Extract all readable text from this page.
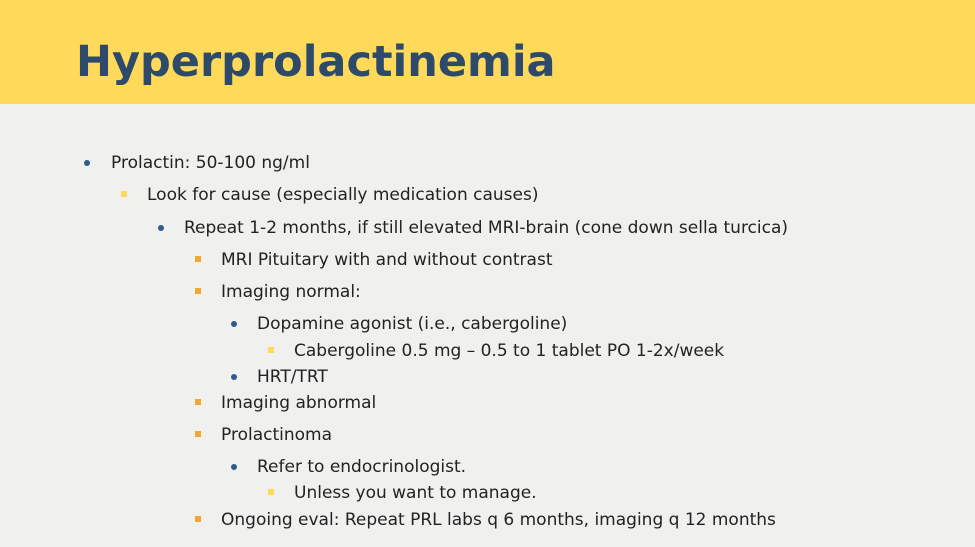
Hyperprolactinemia
Prolactin: 50-100 ng/ml
Look for cause (especially medication causes)
Repeat 1-2 months, if still elevated MRI-brain (cone down sella turcica)
MRI Pituitary with and without contrast
Imaging normal:
Dopamine agonist (i.e., cabergoline)
Cabergoline 0.5 mg – 0.5 to 1 tablet PO 1-2x/week
HRT/TRT
Imaging abnormal
Prolactinoma
Refer to endocrinologist.
Unless you want to manage.
Ongoing eval: Repeat PRL labs q 6 months, imaging q 12 months
